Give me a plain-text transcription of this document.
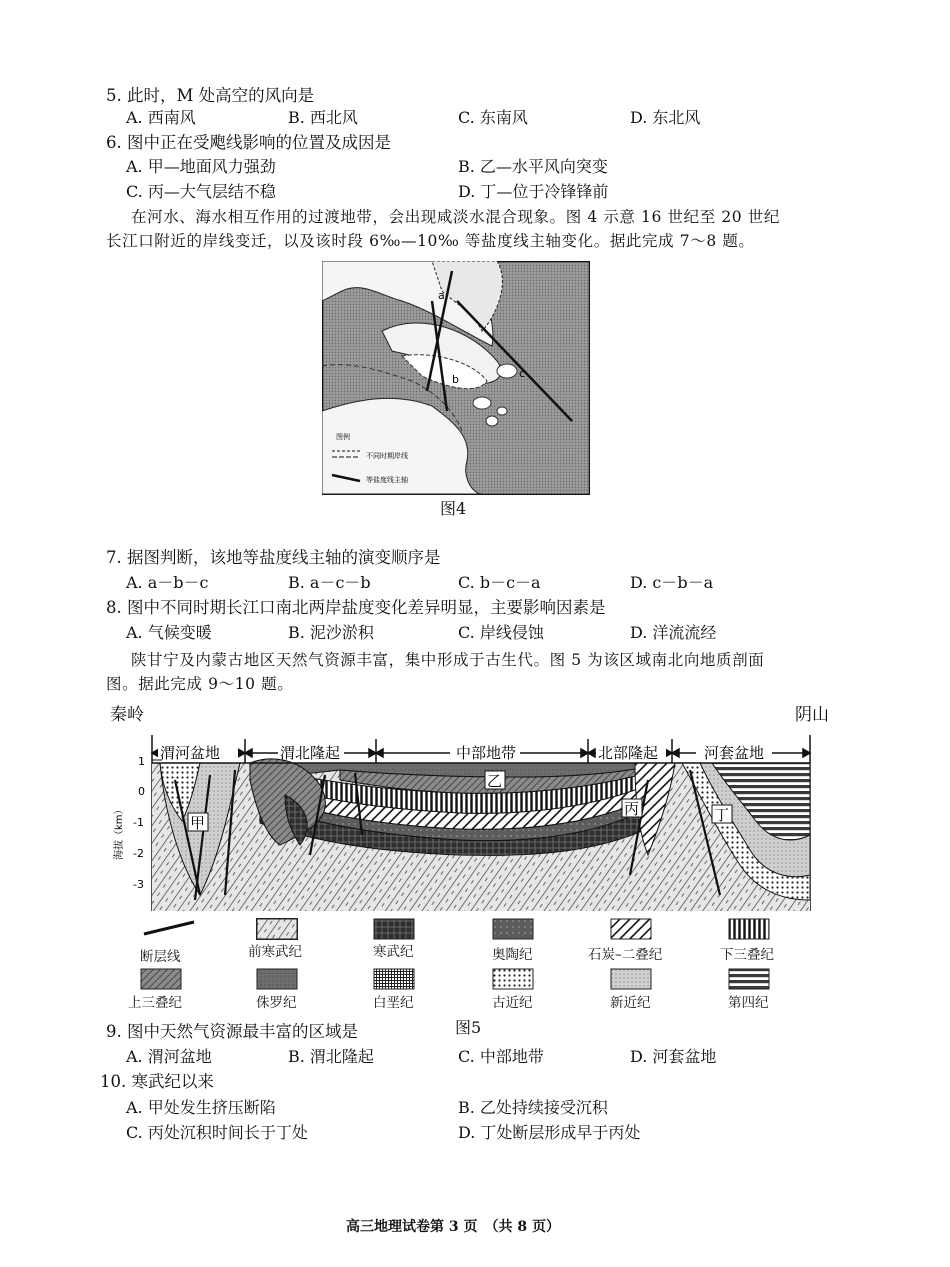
5. 此时，M 处高空的风向是
A. 西南风	B. 西北风	C. 东南风	D. 东北风
6. 图中正在受飑线影响的位置及成因是
A. 甲—地面风力强劲	B. 乙—水平风向突变
C. 丙—大气层结不稳	D. 丁—位于冷锋锋前
在河水、海水相互作用的过渡地带，会出现咸淡水混合现象。图 4 示意 16 世纪至 20 世纪
长江口附近的岸线变迁，以及该时段 6‰—10‰ 等盐度线主轴变化。据此完成 7～8 题。
a
b	c
图例
不同时期岸线
等盐度线主轴
图4
7. 据图判断，该地等盐度线主轴的演变顺序是
A. a－b－c	B. a－c－b	C. b－c－a	D. c－b－a
8. 图中不同时期长江口南北两岸盐度变化差异明显，主要影响因素是
A. 气候变暖	B. 泥沙淤积	C. 岸线侵蚀	D. 洋流流经
陕甘宁及内蒙古地区天然气资源丰富，集中形成于古生代。图 5 为该区域南北向地质剖面
图。据此完成 9～10 题。
秦岭	阴山
渭河盆地	渭北隆起	中部地带	北部隆起	河套盆地
1
0
-1
-2
-3
海拔（km）	甲
乙
丙	丁
断层线	前寒武纪	寒武纪	奥陶纪	石炭–二叠纪	下三叠纪
上三叠纪	侏罗纪	白垩纪	古近纪	新近纪	第四纪
9. 图中天然气资源最丰富的区域是	图5
A. 渭河盆地	B. 渭北隆起	C. 中部地带	D. 河套盆地
10. 寒武纪以来
A. 甲处发生挤压断陷	B. 乙处持续接受沉积
C. 丙处沉积时间长于丁处	D. 丁处断层形成早于丙处
高三地理试卷第 3 页　（共 8 页）
